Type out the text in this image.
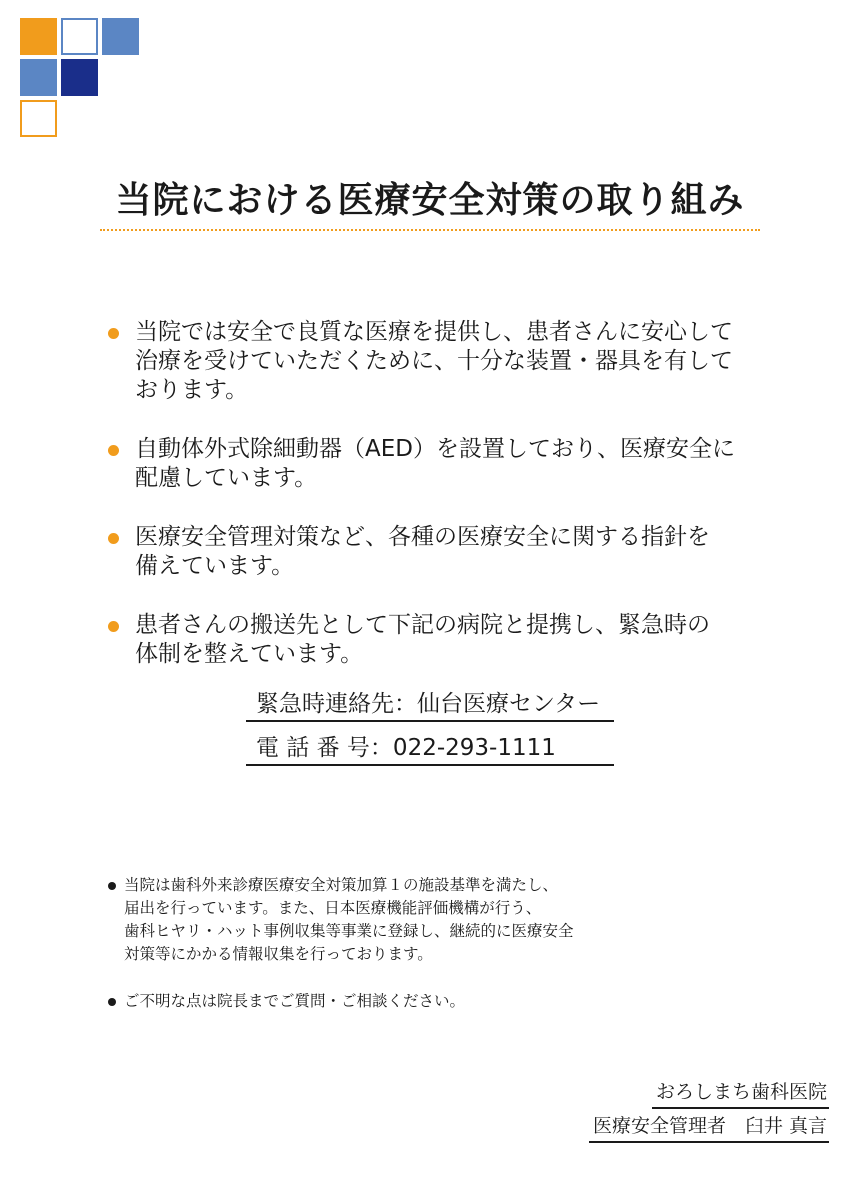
当院における医療安全対策の取り組み
当院では安全で良質な医療を提供し、患者さんに安心して
治療を受けていただくために、十分な装置・器具を有して
おります。
自動体外式除細動器（AED）を設置しており、医療安全に
配慮しています。
医療安全管理対策など、各種の医療安全に関する指針を
備えています。
患者さんの搬送先として下記の病院と提携し、緊急時の
体制を整えています。
緊急時連絡先：仙台医療センター
電 話 番 号：022-293-1111
当院は歯科外来診療医療安全対策加算１の施設基準を満たし、
届出を行っています。また、日本医療機能評価機構が行う、
歯科ヒヤリ・ハット事例収集等事業に登録し、継続的に医療安全
対策等にかかる情報収集を行っております。
ご不明な点は院長までご質問・ご相談ください。
おろしまち歯科医院
医療安全管理者　臼井 真言
